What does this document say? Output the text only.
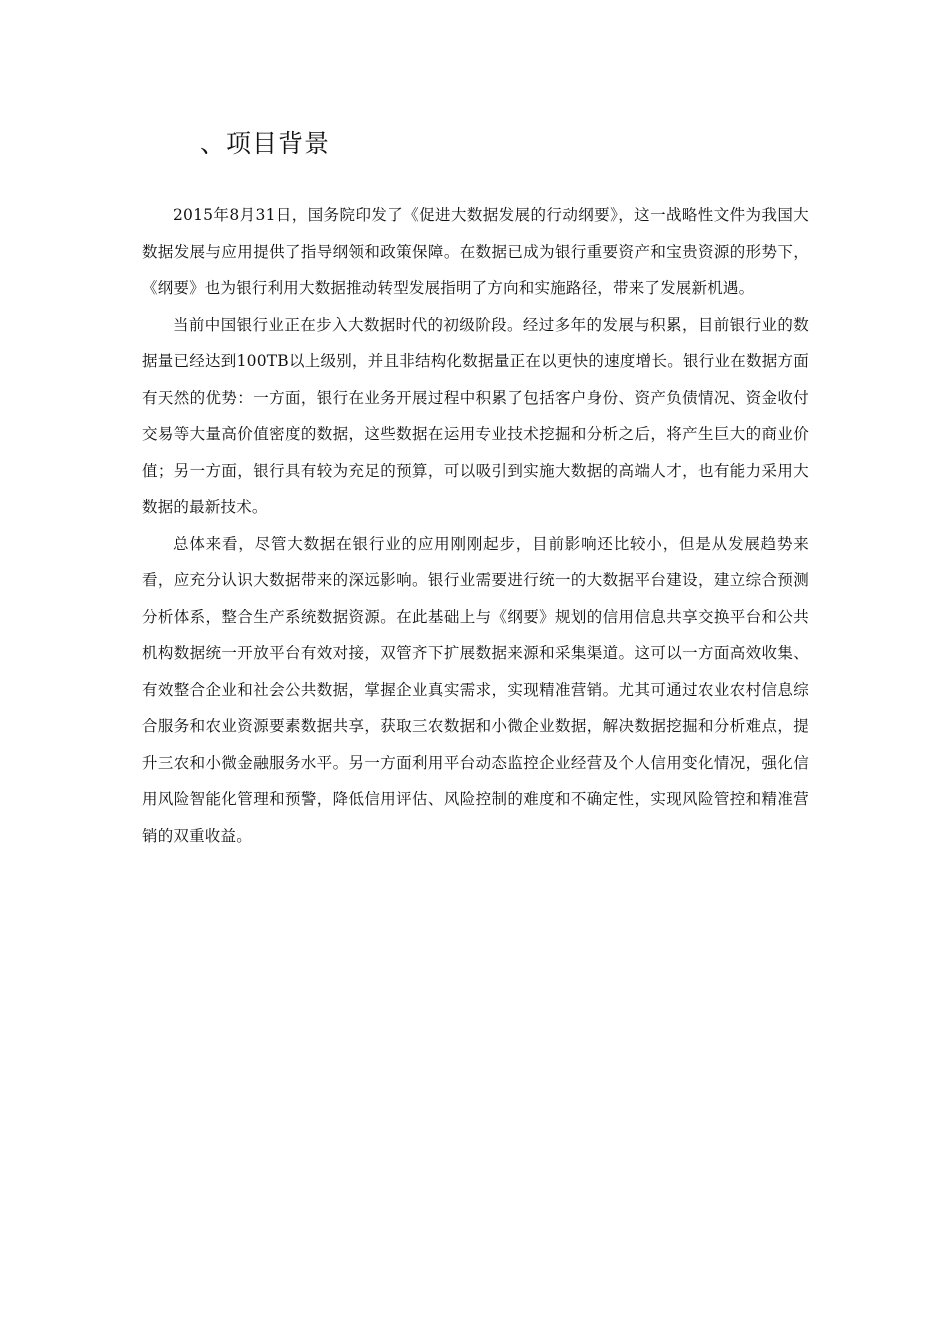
、项目背景

2015年8月31日，国务院印发了《促进大数据发展的行动纲要》，这一战略性文件为我国大数据发展与应用提供了指导纲领和政策保障。在数据已成为银行重要资产和宝贵资源的形势下，《纲要》也为银行利用大数据推动转型发展指明了方向和实施路径，带来了发展新机遇。

当前中国银行业正在步入大数据时代的初级阶段。经过多年的发展与积累，目前银行业的数据量已经达到100TB以上级别，并且非结构化数据量正在以更快的速度增长。银行业在数据方面有天然的优势：一方面，银行在业务开展过程中积累了包括客户身份、资产负债情况、资金收付交易等大量高价值密度的数据，这些数据在运用专业技术挖掘和分析之后，将产生巨大的商业价值；另一方面，银行具有较为充足的预算，可以吸引到实施大数据的高端人才，也有能力采用大数据的最新技术。

总体来看，尽管大数据在银行业的应用刚刚起步，目前影响还比较小，但是从发展趋势来看，应充分认识大数据带来的深远影响。银行业需要进行统一的大数据平台建设，建立综合预测分析体系，整合生产系统数据资源。在此基础上与《纲要》规划的信用信息共享交换平台和公共机构数据统一开放平台有效对接，双管齐下扩展数据来源和采集渠道。这可以一方面高效收集、有效整合企业和社会公共数据，掌握企业真实需求，实现精准营销。尤其可通过农业农村信息综合服务和农业资源要素数据共享，获取三农数据和小微企业数据，解决数据挖掘和分析难点，提升三农和小微金融服务水平。另一方面利用平台动态监控企业经营及个人信用变化情况，强化信用风险智能化管理和预警，降低信用评估、风险控制的难度和不确定性，实现风险管控和精准营销的双重收益。
